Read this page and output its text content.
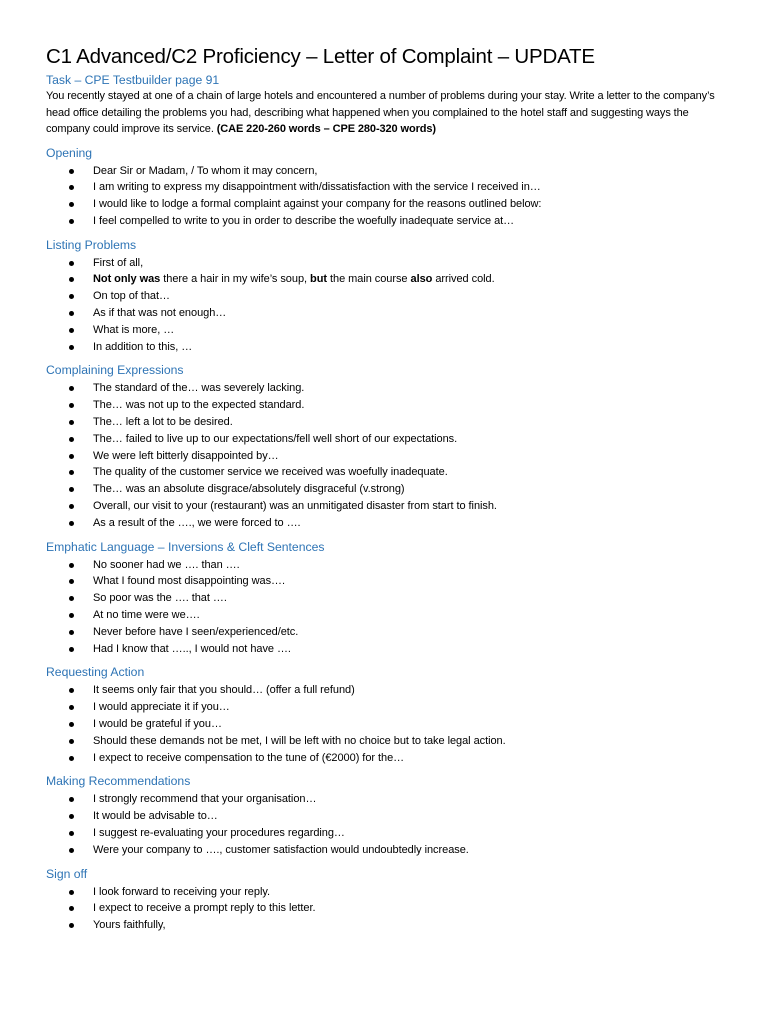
C1 Advanced/C2 Proficiency – Letter of Complaint – UPDATE
Task – CPE Testbuilder page 91

You recently stayed at one of a chain of large hotels and encountered a number of problems during your stay. Write a letter to the company’s head office detailing the problems you had, describing what happened when you complained to the hotel staff and suggesting ways the company could improve its service. (CAE 220-260 words – CPE 280-320 words)

Opening
Dear Sir or Madam, / To whom it may concern,
I am writing to express my disappointment with/dissatisfaction with the service I received in…
I would like to lodge a formal complaint against your company for the reasons outlined below:
I feel compelled to write to you in order to describe the woefully inadequate service at…
Listing Problems
First of all,
Not only was there a hair in my wife’s soup, but the main course also arrived cold.
On top of that…
As if that was not enough…
What is more, …
In addition to this, …
Complaining Expressions
The standard of the… was severely lacking.
The… was not up to the expected standard.
The… left a lot to be desired.
The… failed to live up to our expectations/fell well short of our expectations.
We were left bitterly disappointed by…
The quality of the customer service we received was woefully inadequate.
The… was an absolute disgrace/absolutely disgraceful (v.strong)
Overall, our visit to your (restaurant) was an unmitigated disaster from start to finish.
As a result of the …., we were forced to ….
Emphatic Language – Inversions & Cleft Sentences
No sooner had we …. than ….
What I found most disappointing was….
So poor was the …. that ….
At no time were we….
Never before have I seen/experienced/etc.
Had I know that ….., I would not have ….
Requesting Action
It seems only fair that you should… (offer a full refund)
I would appreciate it if you…
I would be grateful if you…
Should these demands not be met, I will be left with no choice but to take legal action.
I expect to receive compensation to the tune of (€2000) for the…
Making Recommendations
I strongly recommend that your organisation…
It would be advisable to…
I suggest re-evaluating your procedures regarding…
Were your company to …., customer satisfaction would undoubtedly increase.
Sign off
I look forward to receiving your reply.
I expect to receive a prompt reply to this letter.
Yours faithfully,
